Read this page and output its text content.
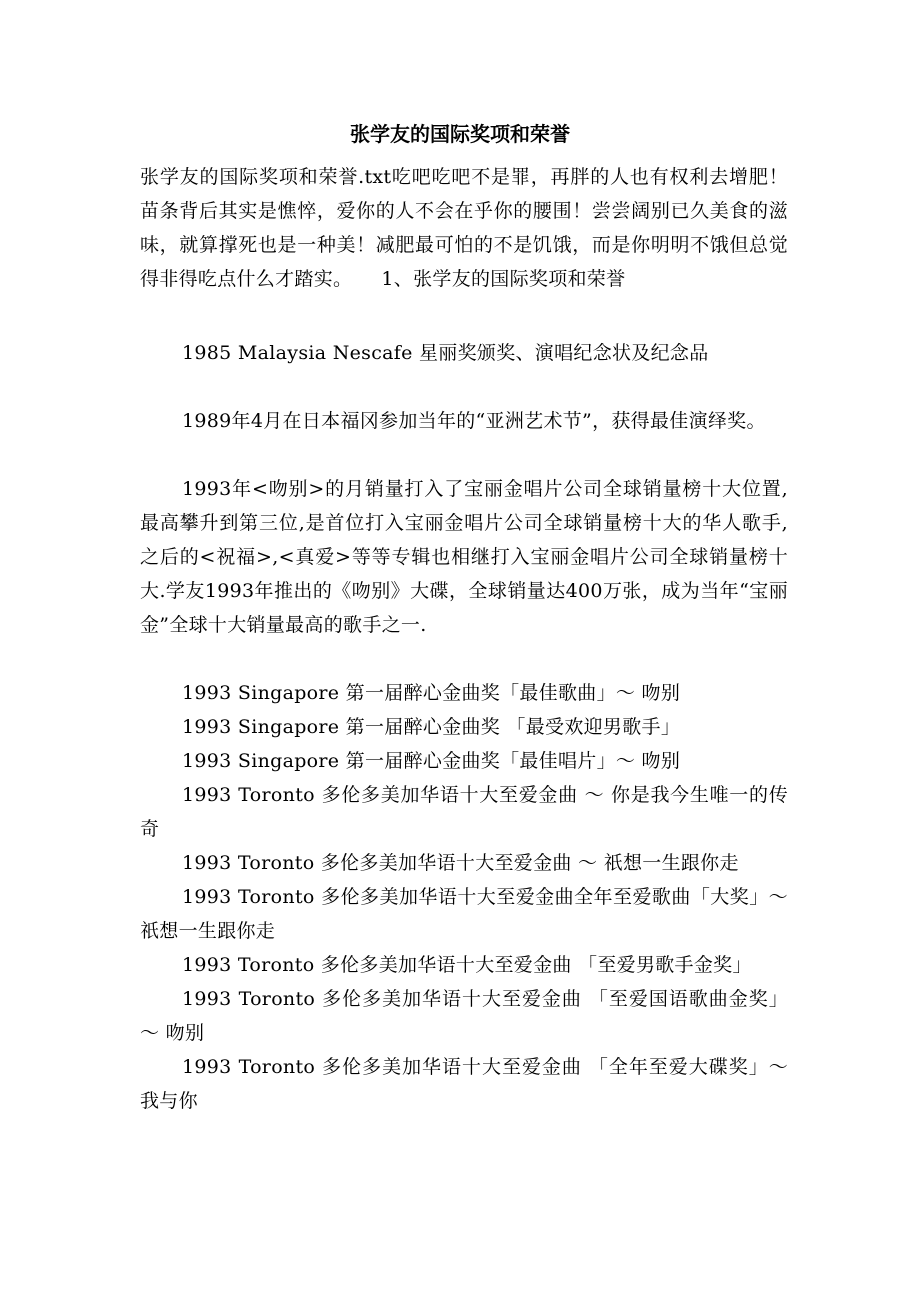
张学友的国际奖项和荣誉

张学友的国际奖项和荣誉.txt吃吧吃吧不是罪，再胖的人也有权利去增肥！苗条背后其实是憔悴，爱你的人不会在乎你的腰围！尝尝阔别已久美食的滋味，就算撑死也是一种美！减肥最可怕的不是饥饿，而是你明明不饿但总觉得非得吃点什么才踏实。　　1、张学友的国际奖项和荣誉

1985 Malaysia Nescafe 星丽奖颁奖、演唱纪念状及纪念品

1989年4月在日本福冈参加当年的“亚洲艺术节”，获得最佳演绎奖。

1993年<吻别>的月销量打入了宝丽金唱片公司全球销量榜十大位置,最高攀升到第三位,是首位打入宝丽金唱片公司全球销量榜十大的华人歌手,之后的<祝福>,<真爱>等等专辑也相继打入宝丽金唱片公司全球销量榜十大.学友1993年推出的《吻别》大碟，全球销量达400万张，成为当年“宝丽金”全球十大销量最高的歌手之一.

1993 Singapore 第一届醉心金曲奖「最佳歌曲」～ 吻别

1993 Singapore 第一届醉心金曲奖 「最受欢迎男歌手」

1993 Singapore 第一届醉心金曲奖「最佳唱片」～ 吻别

1993 Toronto 多伦多美加华语十大至爱金曲 ～ 你是我今生唯一的传奇

1993 Toronto 多伦多美加华语十大至爱金曲 ～ 祇想一生跟你走

1993 Toronto 多伦多美加华语十大至爱金曲全年至爱歌曲「大奖」～ 祇想一生跟你走

1993 Toronto 多伦多美加华语十大至爱金曲 「至爱男歌手金奖」

1993 Toronto 多伦多美加华语十大至爱金曲 「至爱国语歌曲金奖」 ～ 吻别

1993 Toronto 多伦多美加华语十大至爱金曲 「全年至爱大碟奖」～我与你
